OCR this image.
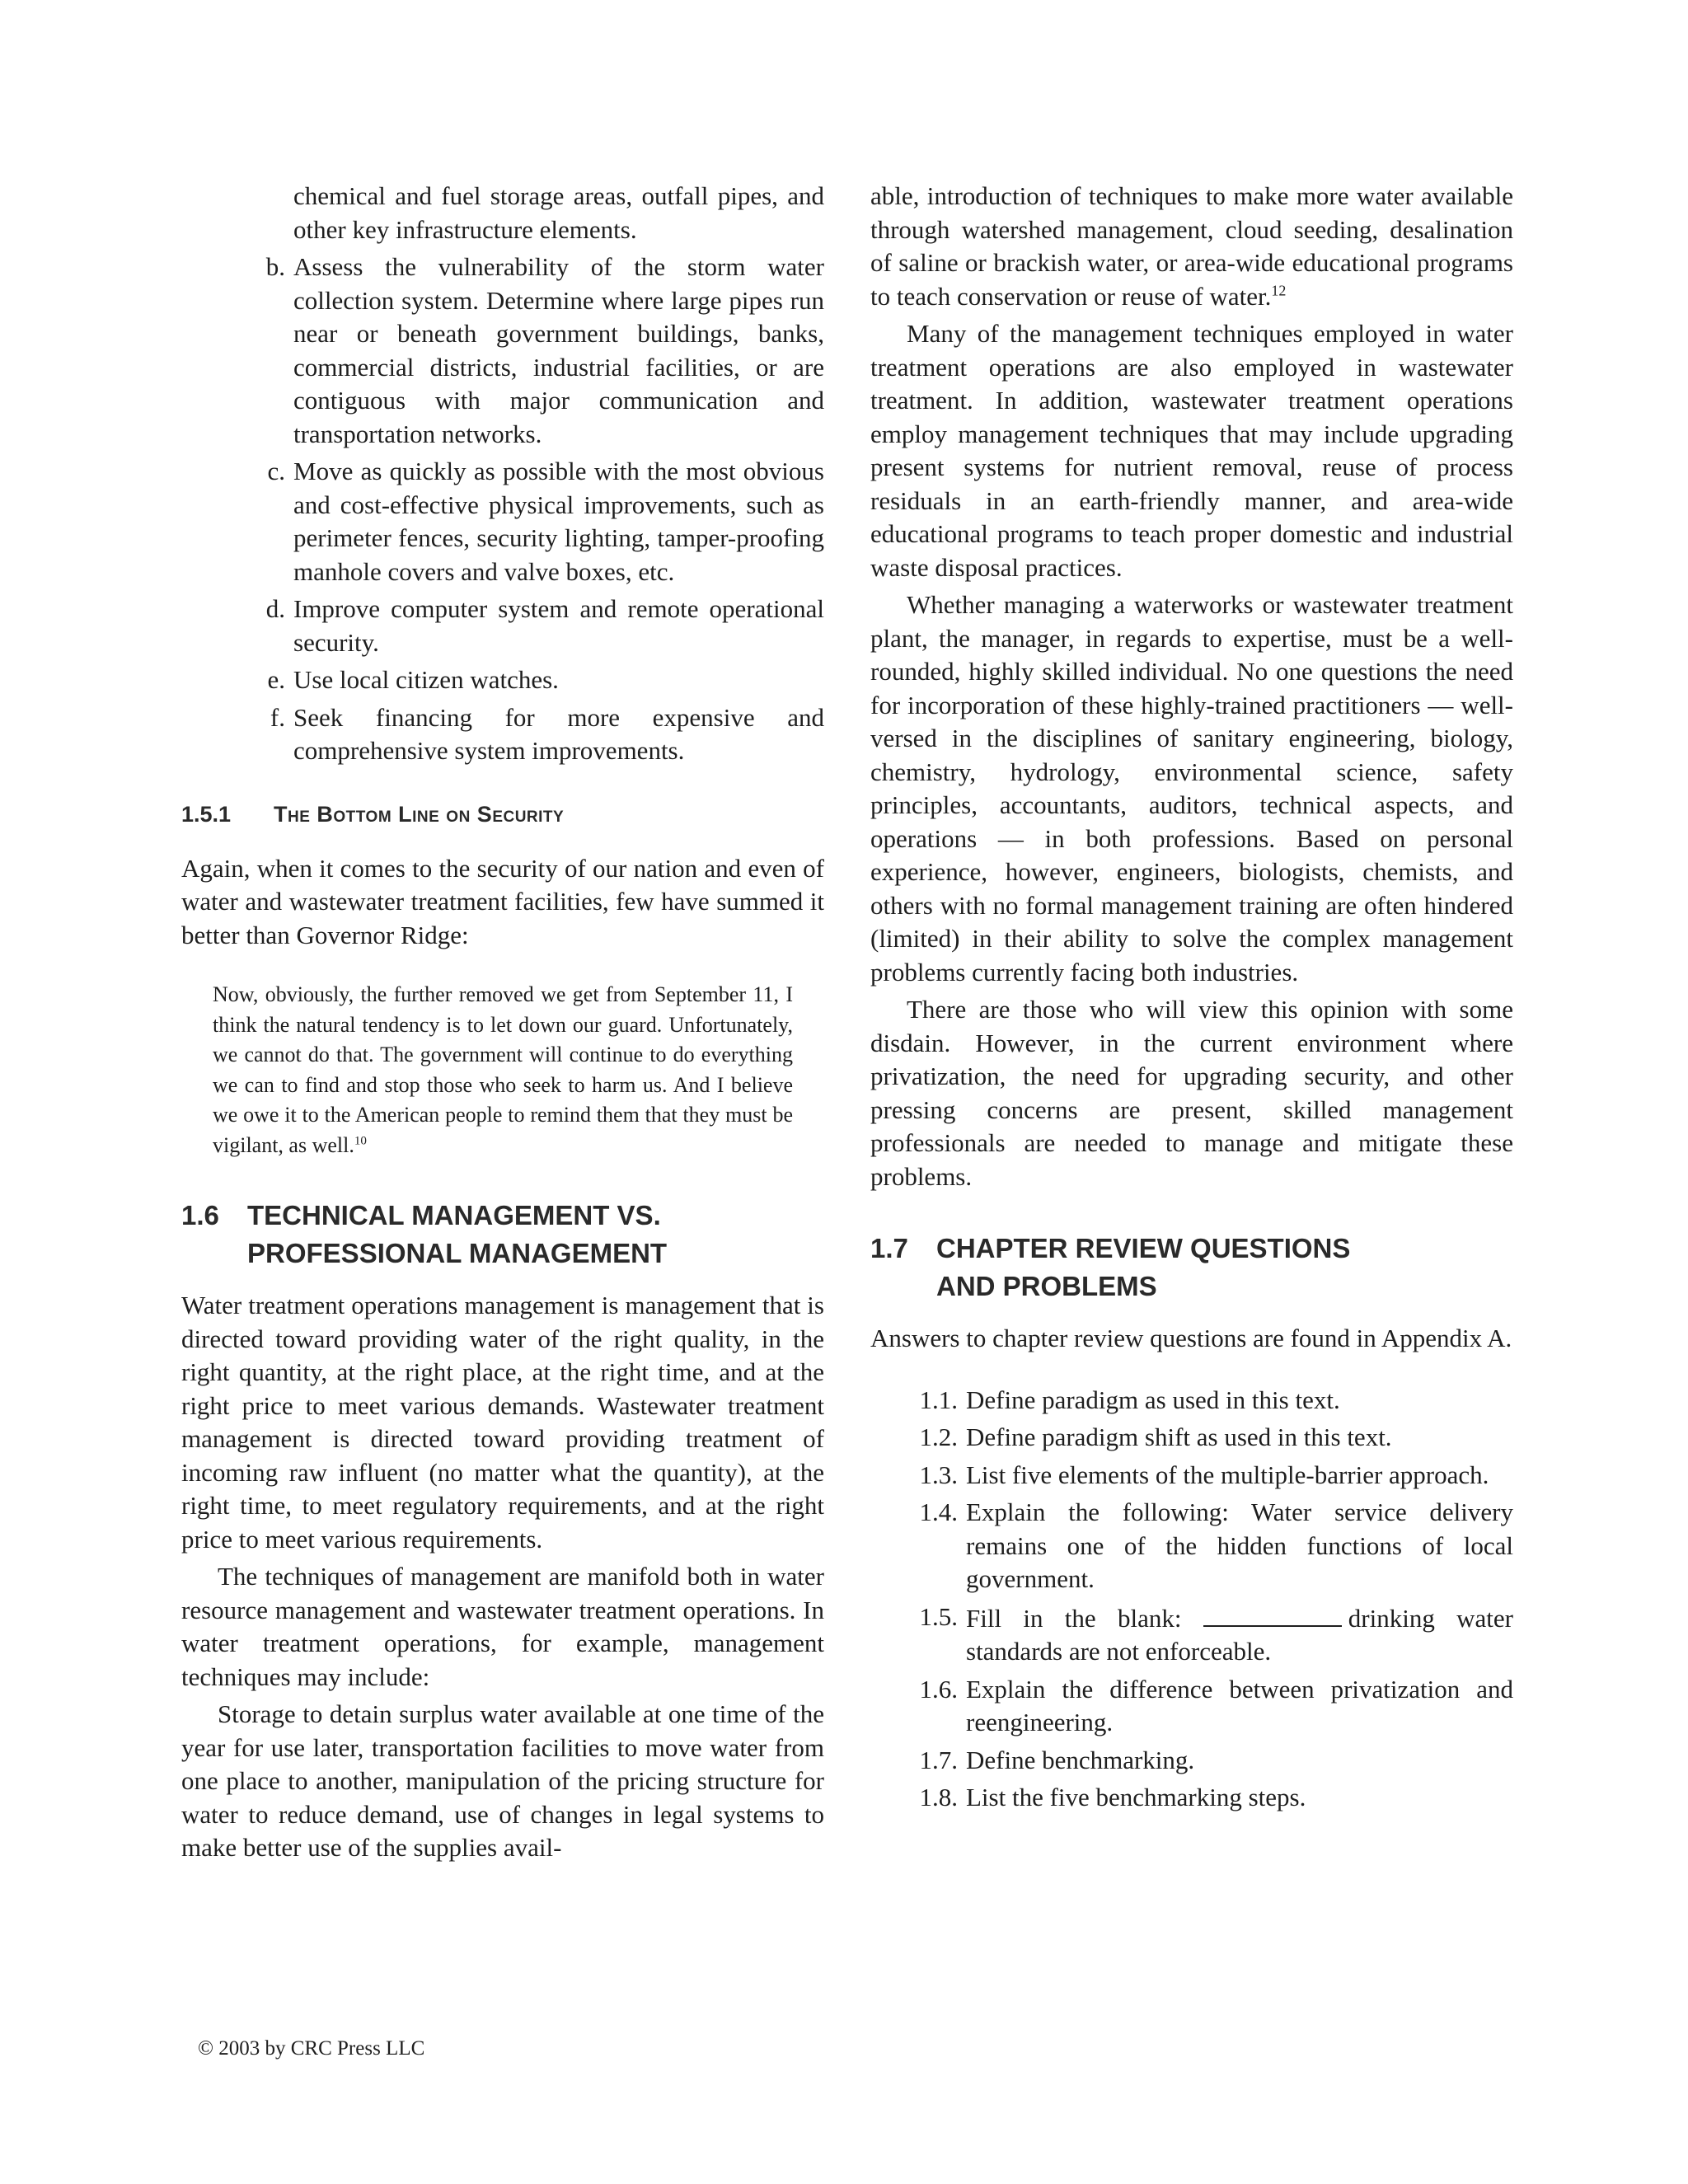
chemical and fuel storage areas, outfall pipes, and other key infrastructure elements.
b. Assess the vulnerability of the storm water collection system. Determine where large pipes run near or beneath government buildings, banks, commercial districts, industrial facilities, or are contiguous with major communication and transportation networks.
c. Move as quickly as possible with the most obvious and cost-effective physical improvements, such as perimeter fences, security lighting, tamper-proofing manhole covers and valve boxes, etc.
d. Improve computer system and remote operational security.
e. Use local citizen watches.
f. Seek financing for more expensive and comprehensive system improvements.
1.5.1	The Bottom Line on Security

Again, when it comes to the security of our nation and even of water and wastewater treatment facilities, few have summed it better than Governor Ridge:

Now, obviously, the further removed we get from September 11, I think the natural tendency is to let down our guard. Unfortunately, we cannot do that. The government will continue to do everything we can to find and stop those who seek to harm us. And I believe we owe it to the American people to remind them that they must be vigilant, as well.$^{10}$

1.6	TECHNICAL MANAGEMENT VS.
PROFESSIONAL MANAGEMENT

Water treatment operations management is management that is directed toward providing water of the right quality, in the right quantity, at the right place, at the right time, and at the right price to meet various demands. Wastewater treatment management is directed toward providing treatment of incoming raw influent (no matter what the quantity), at the right time, to meet regulatory requirements, and at the right price to meet various requirements.

The techniques of management are manifold both in water resource management and wastewater treatment operations. In water treatment operations, for example, management techniques may include:

Storage to detain surplus water available at one time of the year for use later, transportation facilities to move water from one place to another, manipulation of the pricing structure for water to reduce demand, use of changes in legal systems to make better use of the supplies avail-

able, introduction of techniques to make more water available through watershed management, cloud seeding, desalination of saline or brackish water, or area-wide educational programs to teach conservation or reuse of water.$^{12}$

Many of the management techniques employed in water treatment operations are also employed in wastewater treatment. In addition, wastewater treatment operations employ management techniques that may include upgrading present systems for nutrient removal, reuse of process residuals in an earth-friendly manner, and area-wide educational programs to teach proper domestic and industrial waste disposal practices.

Whether managing a waterworks or wastewater treatment plant, the manager, in regards to expertise, must be a well-rounded, highly skilled individual. No one questions the need for incorporation of these highly-trained practitioners — well-versed in the disciplines of sanitary engineering, biology, chemistry, hydrology, environmental science, safety principles, accountants, auditors, technical aspects, and operations — in both professions. Based on personal experience, however, engineers, biologists, chemists, and others with no formal management training are often hindered (limited) in their ability to solve the complex management problems currently facing both industries.

There are those who will view this opinion with some disdain. However, in the current environment where privatization, the need for upgrading security, and other pressing concerns are present, skilled management professionals are needed to manage and mitigate these problems.

1.7	CHAPTER REVIEW QUESTIONS
AND PROBLEMS

Answers to chapter review questions are found in Appendix A.

1.1. Define paradigm as used in this text.
1.2. Define paradigm shift as used in this text.
1.3. List five elements of the multiple-barrier approach.
1.4. Explain the following: Water service delivery remains one of the hidden functions of local government.
1.5. Fill in the blank:	drinking water standards are not enforceable.
1.6. Explain the difference between privatization and reengineering.
1.7. Define benchmarking.
1.8. List the five benchmarking steps.
© 2003 by CRC Press LLC
